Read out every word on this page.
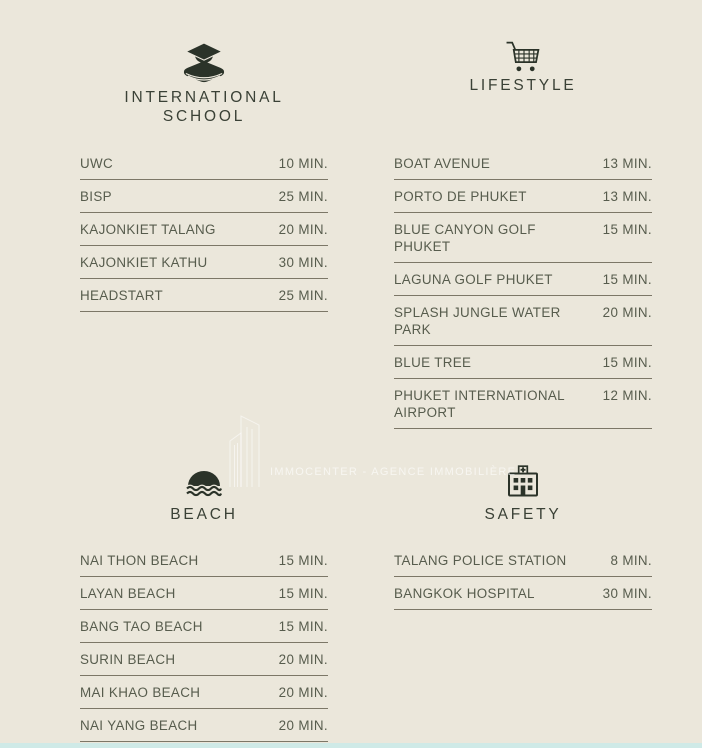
INTERNATIONAL
SCHOOL
LIFESTYLE
BEACH	SAFETY
UWC	10 MIN.
BISP	25 MIN.
KAJONKIET TALANG	20 MIN.
KAJONKIET KATHU	30 MIN.
HEADSTART	25 MIN.
BOAT AVENUE	13 MIN.
PORTO DE PHUKET	13 MIN.
BLUE CANYON GOLF PHUKET
15 MIN.
LAGUNA GOLF PHUKET	15 MIN.
SPLASH JUNGLE WATER PARK
20 MIN.
BLUE TREE	15 MIN.
PHUKET INTERNATIONAL AIRPORT
12 MIN.
NAI THON BEACH	15 MIN.
LAYAN BEACH	15 MIN.
BANG TAO BEACH	15 MIN.
SURIN BEACH	20 MIN.
MAI KHAO BEACH	20 MIN.
NAI YANG BEACH	20 MIN.
TALANG POLICE STATION	8 MIN.
BANGKOK HOSPITAL	30 MIN.
IMMOCENTER - AGENCE IMMOBILIÈRE
